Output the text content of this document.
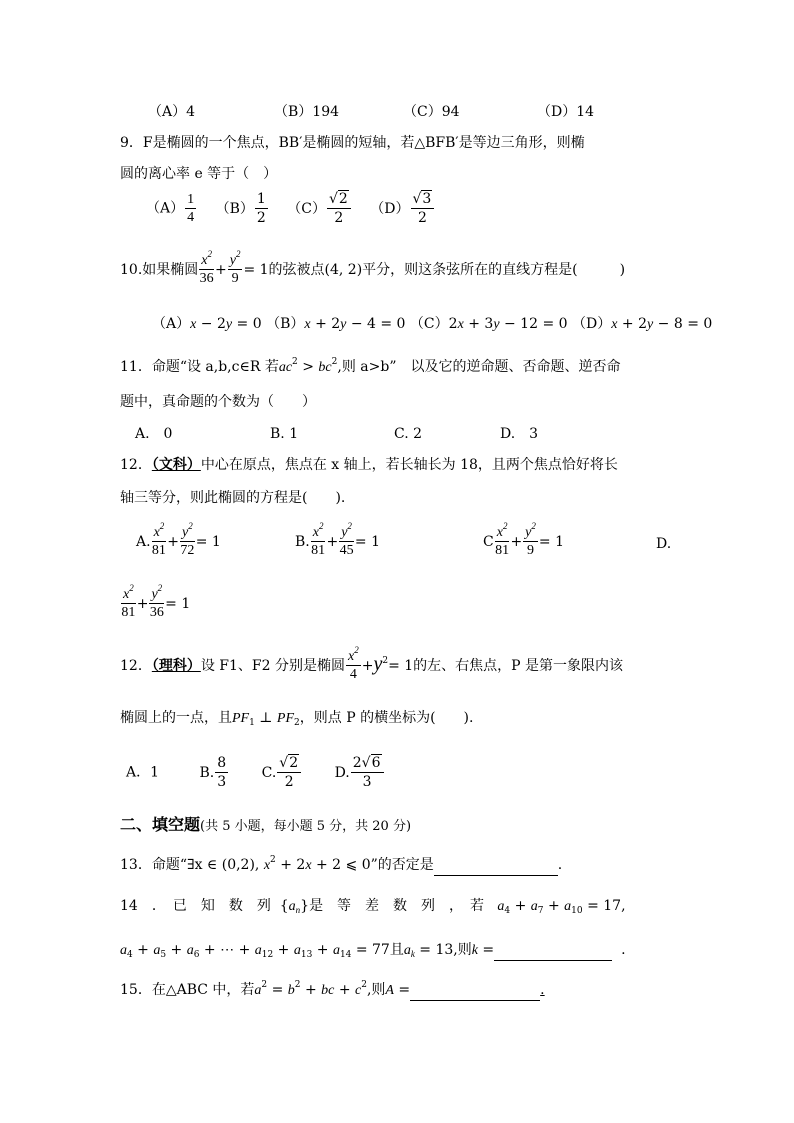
（A）4	（B）194	（C）94	（D）14
9．F是椭圆的一个焦点，BB′是椭圆的短轴，若△BFB′是等边三角形，则椭
圆的离心率 e 等于（　）
$(A) \frac{1}{4} (B) \frac{1}{2} (C) \frac{√2}{2} (D) \frac{√3}{2}$
10.如果椭圆 $\frac{x^2}{36} + \frac{y^2}{9} = 1$的弦被点(4, 2)平分，则这条弦所在的直线方程是(　　　)
（A）x − 2y = 0 （B）x + 2y − 4 = 0 （C）2x + 3y − 12 = 0 （D）x + 2y − 8 = 0
11．命题“设 a,b,c∈R 若$ac^2 > bc^2$,则 a>b”　以及它的逆命题、否命题、逆否命
题中，真命题的个数为（　　）
A.　0	B. 1	C. 2	D.　3
12．（文科）中心在原点，焦点在 x 轴上，若长轴长为 18，且两个焦点恰好将长
轴三等分，则此椭圆的方程是(　　).
A. $\frac{x^2}{81} + \frac{y^2}{72} = 1$	B. $\frac{x^2}{81} + \frac{y^2}{45} = 1$	C $\frac{x^2}{81} + \frac{y^2}{9} = 1$	D.
$\frac{x^2}{81} + \frac{y^2}{36} = 1$
12．（理科）设 F1、F2 分别是椭圆 $\frac{x^2}{4} +y^2= 1$的左、右焦点，P 是第一象限内该
椭圆上的一点，且$PF_1$ ⊥ $PF_2$，则点 P 的横坐标为(　　).
A．1	B. $\frac{8}{3} C$. $\frac{√2}{2} D$. $\frac{2√6}{3}$
二、填空题(共 5 小题，每小题 5 分，共 20 分)
13．命题“∃x ∈ (0,2), $x^2 + 2x + 2$ ⩽ 0”的否定是	.
14　．　已　知　数　列  $\{a_n\}$是　等　差　数　列　，　若 $a_4 + a_7 + a_{10} = 17$,
$a_4 + a_5 + a_6$ + ⋯ + $a_{12} + a_{13} + a_{14} = 77$且$a_k = 13$,则k =	.
15．在△ABC 中，若$a^2 = b^2$ + bc + $c^2$,则A =	.
